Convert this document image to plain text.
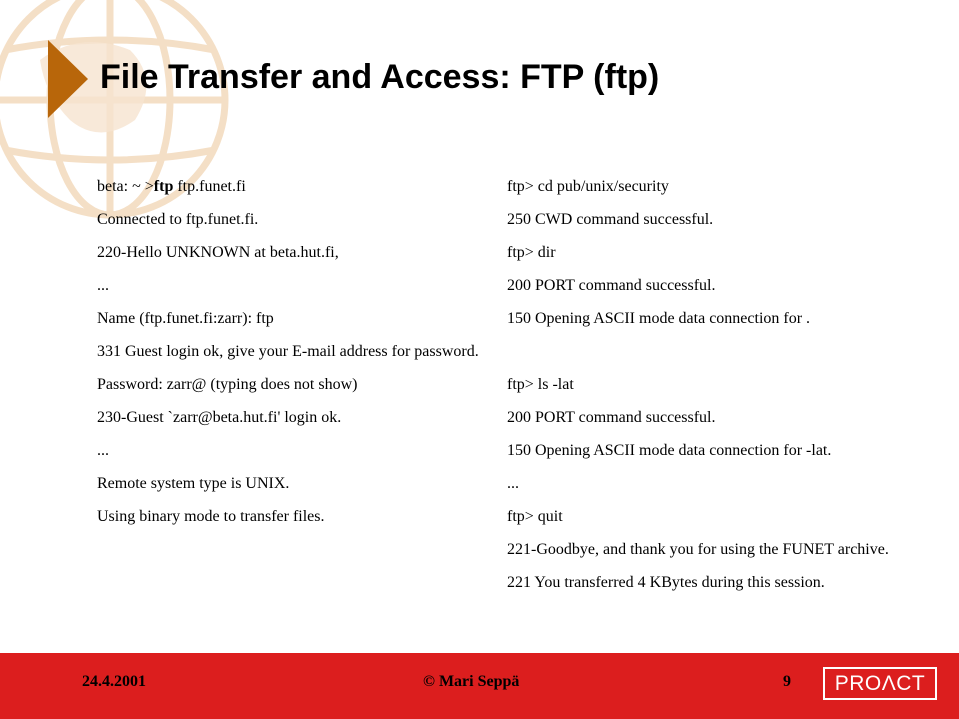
File Transfer and Access: FTP (ftp)
beta: ~ >ftp ftp.funet.fi
Connected to ftp.funet.fi.
220-Hello UNKNOWN at beta.hut.fi,
...
Name (ftp.funet.fi:zarr): ftp
331 Guest login ok, give your E-mail address for password.
Password: zarr@ (typing does not show)
230-Guest `zarr@beta.hut.fi' login ok.
...
Remote system type is UNIX.
Using binary mode to transfer files.
ftp> cd pub/unix/security
250 CWD command successful.
ftp> dir
200 PORT command successful.
150 Opening ASCII mode data connection for .
ftp> ls -lat
200 PORT command successful.
150 Opening ASCII mode data connection for -lat.
...
ftp> quit
221-Goodbye, and thank you for using the FUNET archive.
221 You transferred 4 KBytes during this session.
24.4.2001	© Mari Seppä	9	PROΛCT
